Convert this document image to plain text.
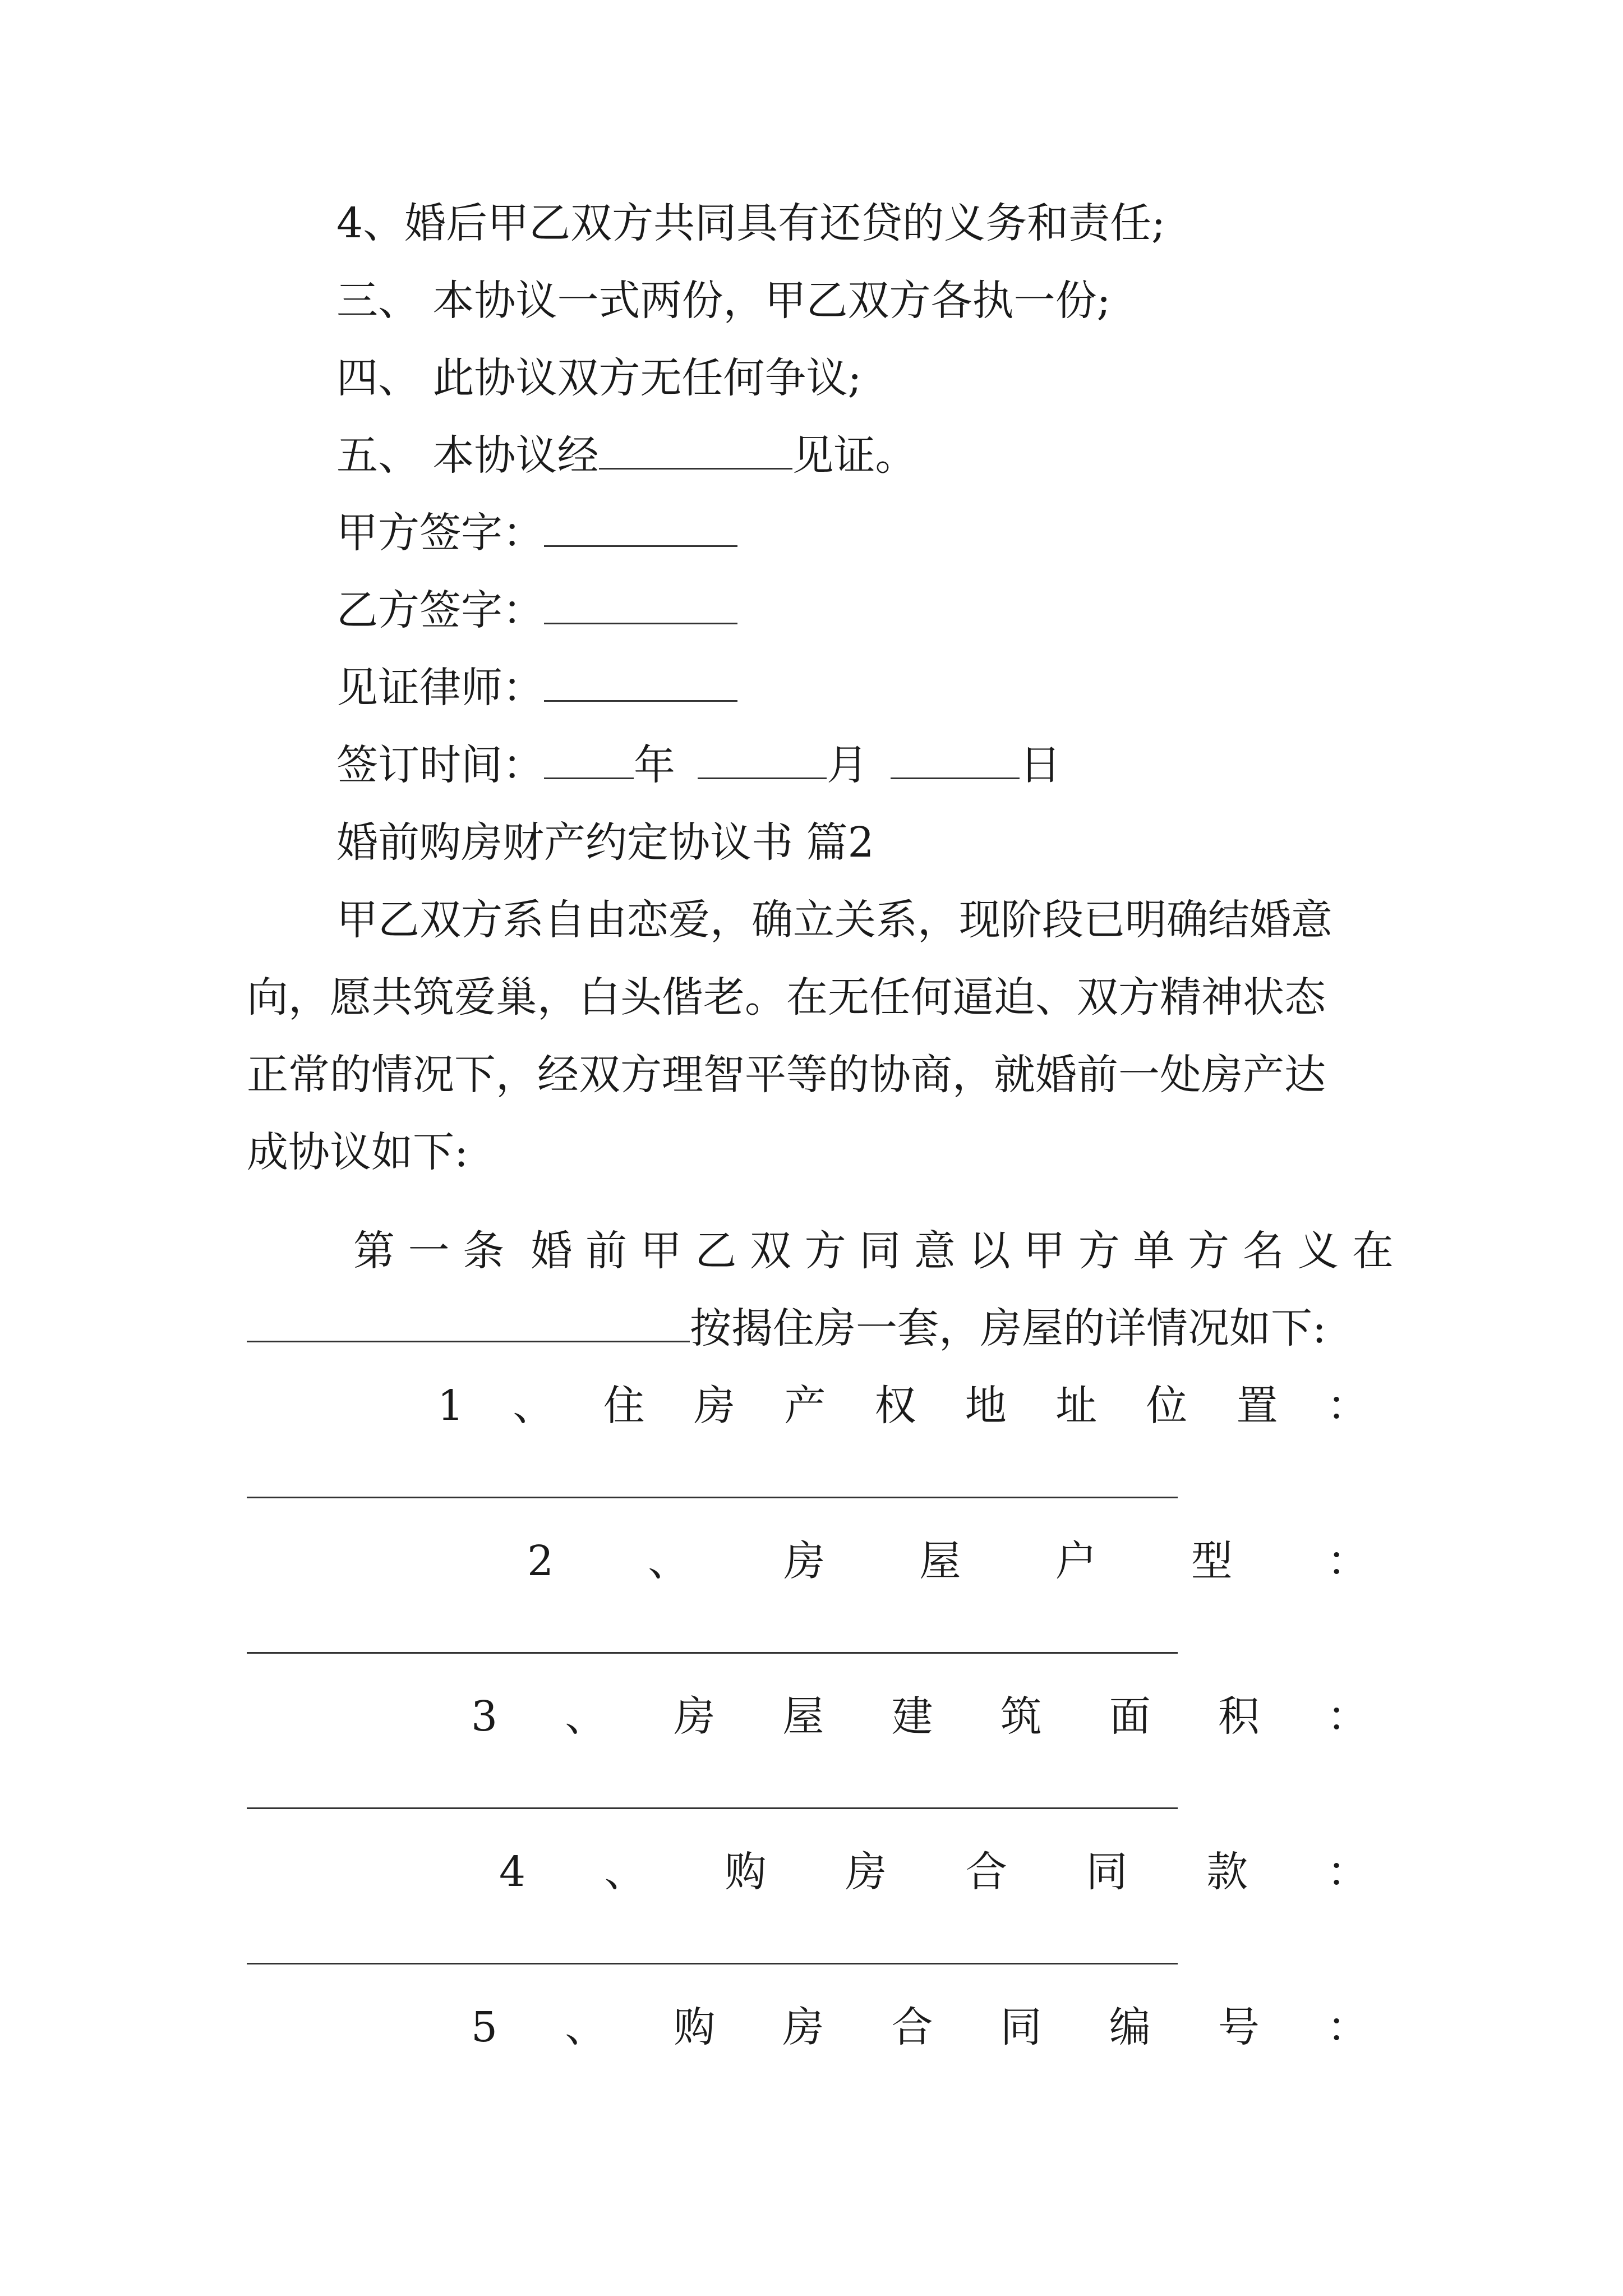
4、婚后甲乙双方共同具有还贷的义务和责任;
三、 本协议一式两份，甲乙双方各执一份;
四、 此协议双方无任何争议;
五、 本协议经	见证。
甲方签字：
乙方签字：
见证律师：
签订时间： 年	月	日
婚前购房财产约定协议书 篇2
甲乙双方系自由恋爱，确立关系，现阶段已明确结婚意
向，愿共筑爱巢，白头偕老。在无任何逼迫、双方精神状态
正常的情况下，经双方理智平等的协商，就婚前一处房产达
成协议如下:
第 一 条 婚 前 甲 乙 双 方 同 意 以 甲 方 单 方 名 义 在
按揭住房一套，房屋的详情况如下:
1 、 住 房 产 权 地 址 位 置 ：
2 、 房 屋 户 型 ：
3 、 房 屋 建 筑 面 积 ：
4 、 购 房 合 同 款 ：
5 、 购 房 合 同 编 号 ：
